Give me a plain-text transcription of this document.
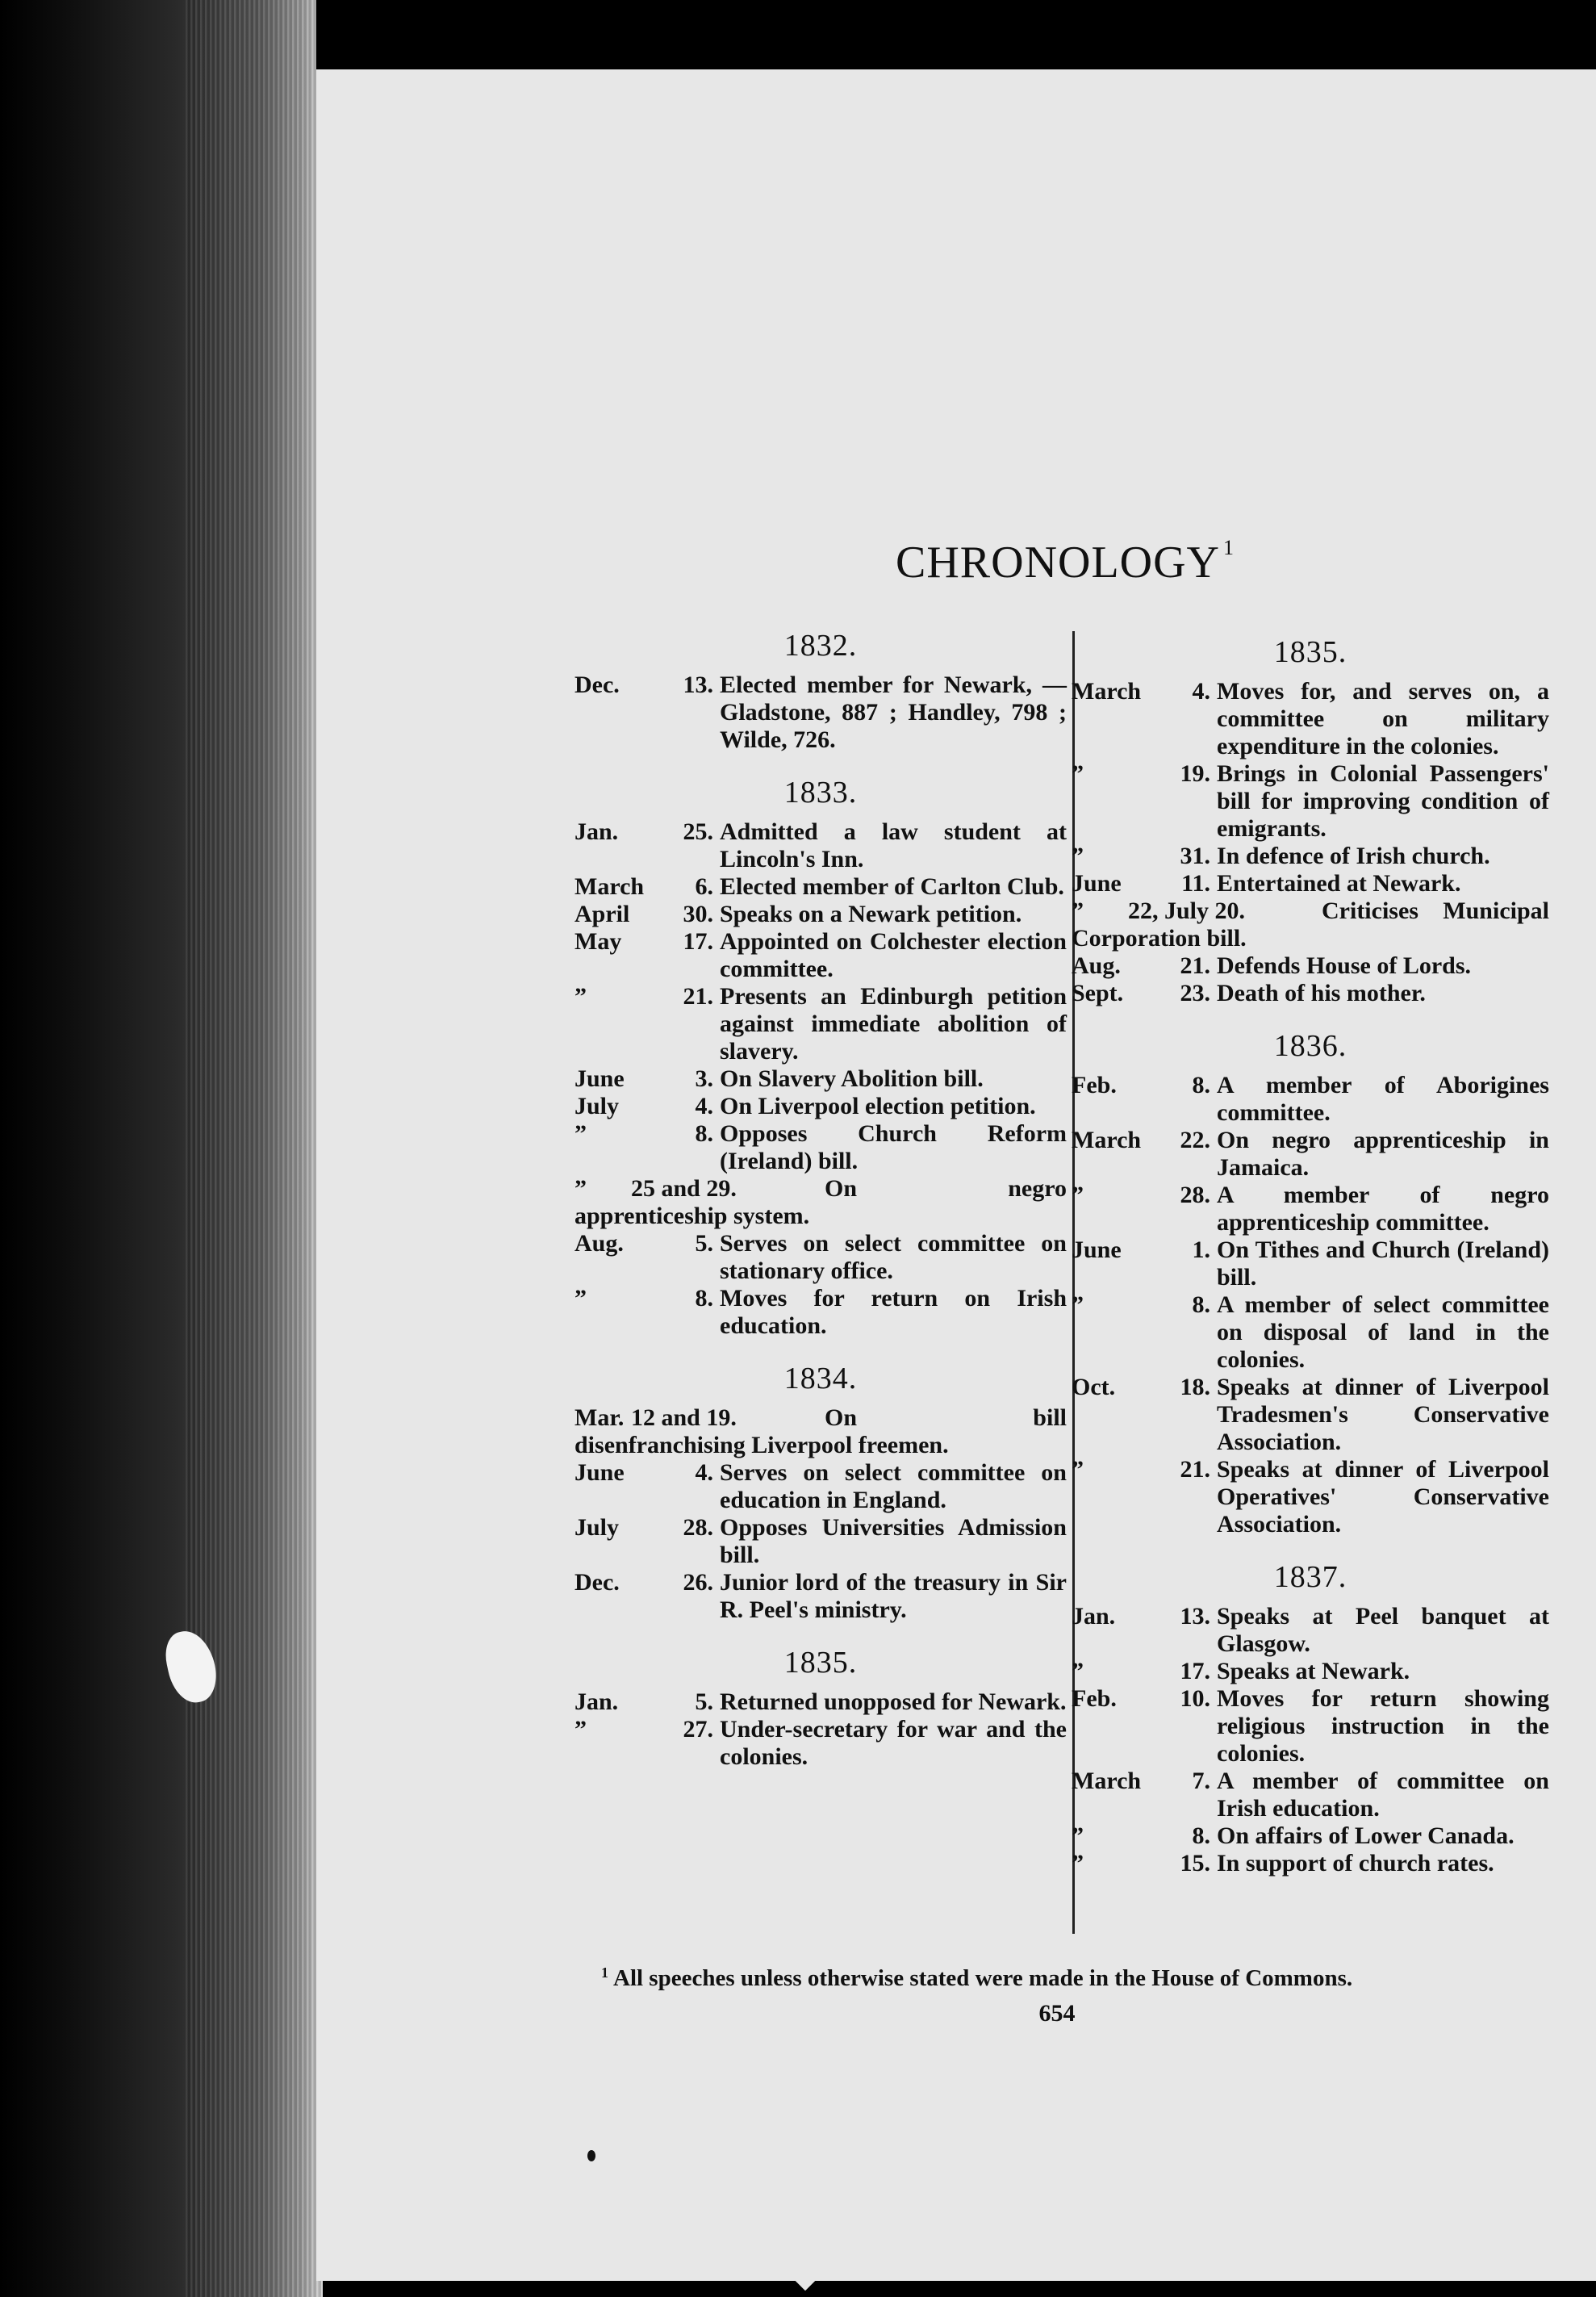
CHRONOLOGY $^1$
1832.
Dec.	13. Elected member for Newark, — Gladstone, 887 ; Handley, 798 ; Wilde, 726.
1833.
Jan.	25. Admitted a law student at Lincoln's Inn.
March	6. Elected member of Carlton Club.
April	30. Speaks on a Newark petition.
May	17. Appointed on Colchester election committee.
”	21. Presents an Edinburgh petition against immediate abolition of slavery.
June	3. On Slavery Abolition bill.
July	4. On Liverpool election petition.
”	8. Opposes Church Reform (Ireland) bill.
”	25 and 29.	On negro apprenticeship system.
Aug.	5. Serves on select committee on stationary office.
”	8. Moves for return on Irish education.
1834.
Mar. 12 and 19.	On bill disenfranchising Liverpool freemen.
June	4. Serves on select committee on education in England.
July	28. Opposes Universities Admission bill.
Dec.	26. Junior lord of the treasury in Sir R. Peel's ministry.
1835.
Jan.	5. Returned unopposed for Newark.
”	27. Under-secretary for war and the colonies.
1835.
March	4. Moves for, and serves on, a committee on military expenditure in the colonies.
”	19. Brings in Colonial Passengers' bill for improving condition of emigrants.
”	31. In defence of Irish church.
June	11. Entertained at Newark.
”	22, July 20.	Criticises Municipal Corporation bill.
Aug.	21. Defends House of Lords.
Sept.	23. Death of his mother.
1836.
Feb.	8. A member of Aborigines committee.
March	22. On negro apprenticeship in Jamaica.
”	28. A member of negro apprenticeship committee.
June	1. On Tithes and Church (Ireland) bill.
”	8. A member of select committee on disposal of land in the colonies.
Oct.	18. Speaks at dinner of Liverpool Tradesmen's Conservative Association.
”	21. Speaks at dinner of Liverpool Operatives' Conservative Association.
1837.
Jan.	13. Speaks at Peel banquet at Glasgow.
”	17. Speaks at Newark.
Feb.	10. Moves for return showing religious instruction in the colonies.
March	7. A member of committee on Irish education.
”	8. On affairs of Lower Canada.
”	15. In support of church rates.
$^1$ All speeches unless otherwise stated were made in the House of Commons.
654
